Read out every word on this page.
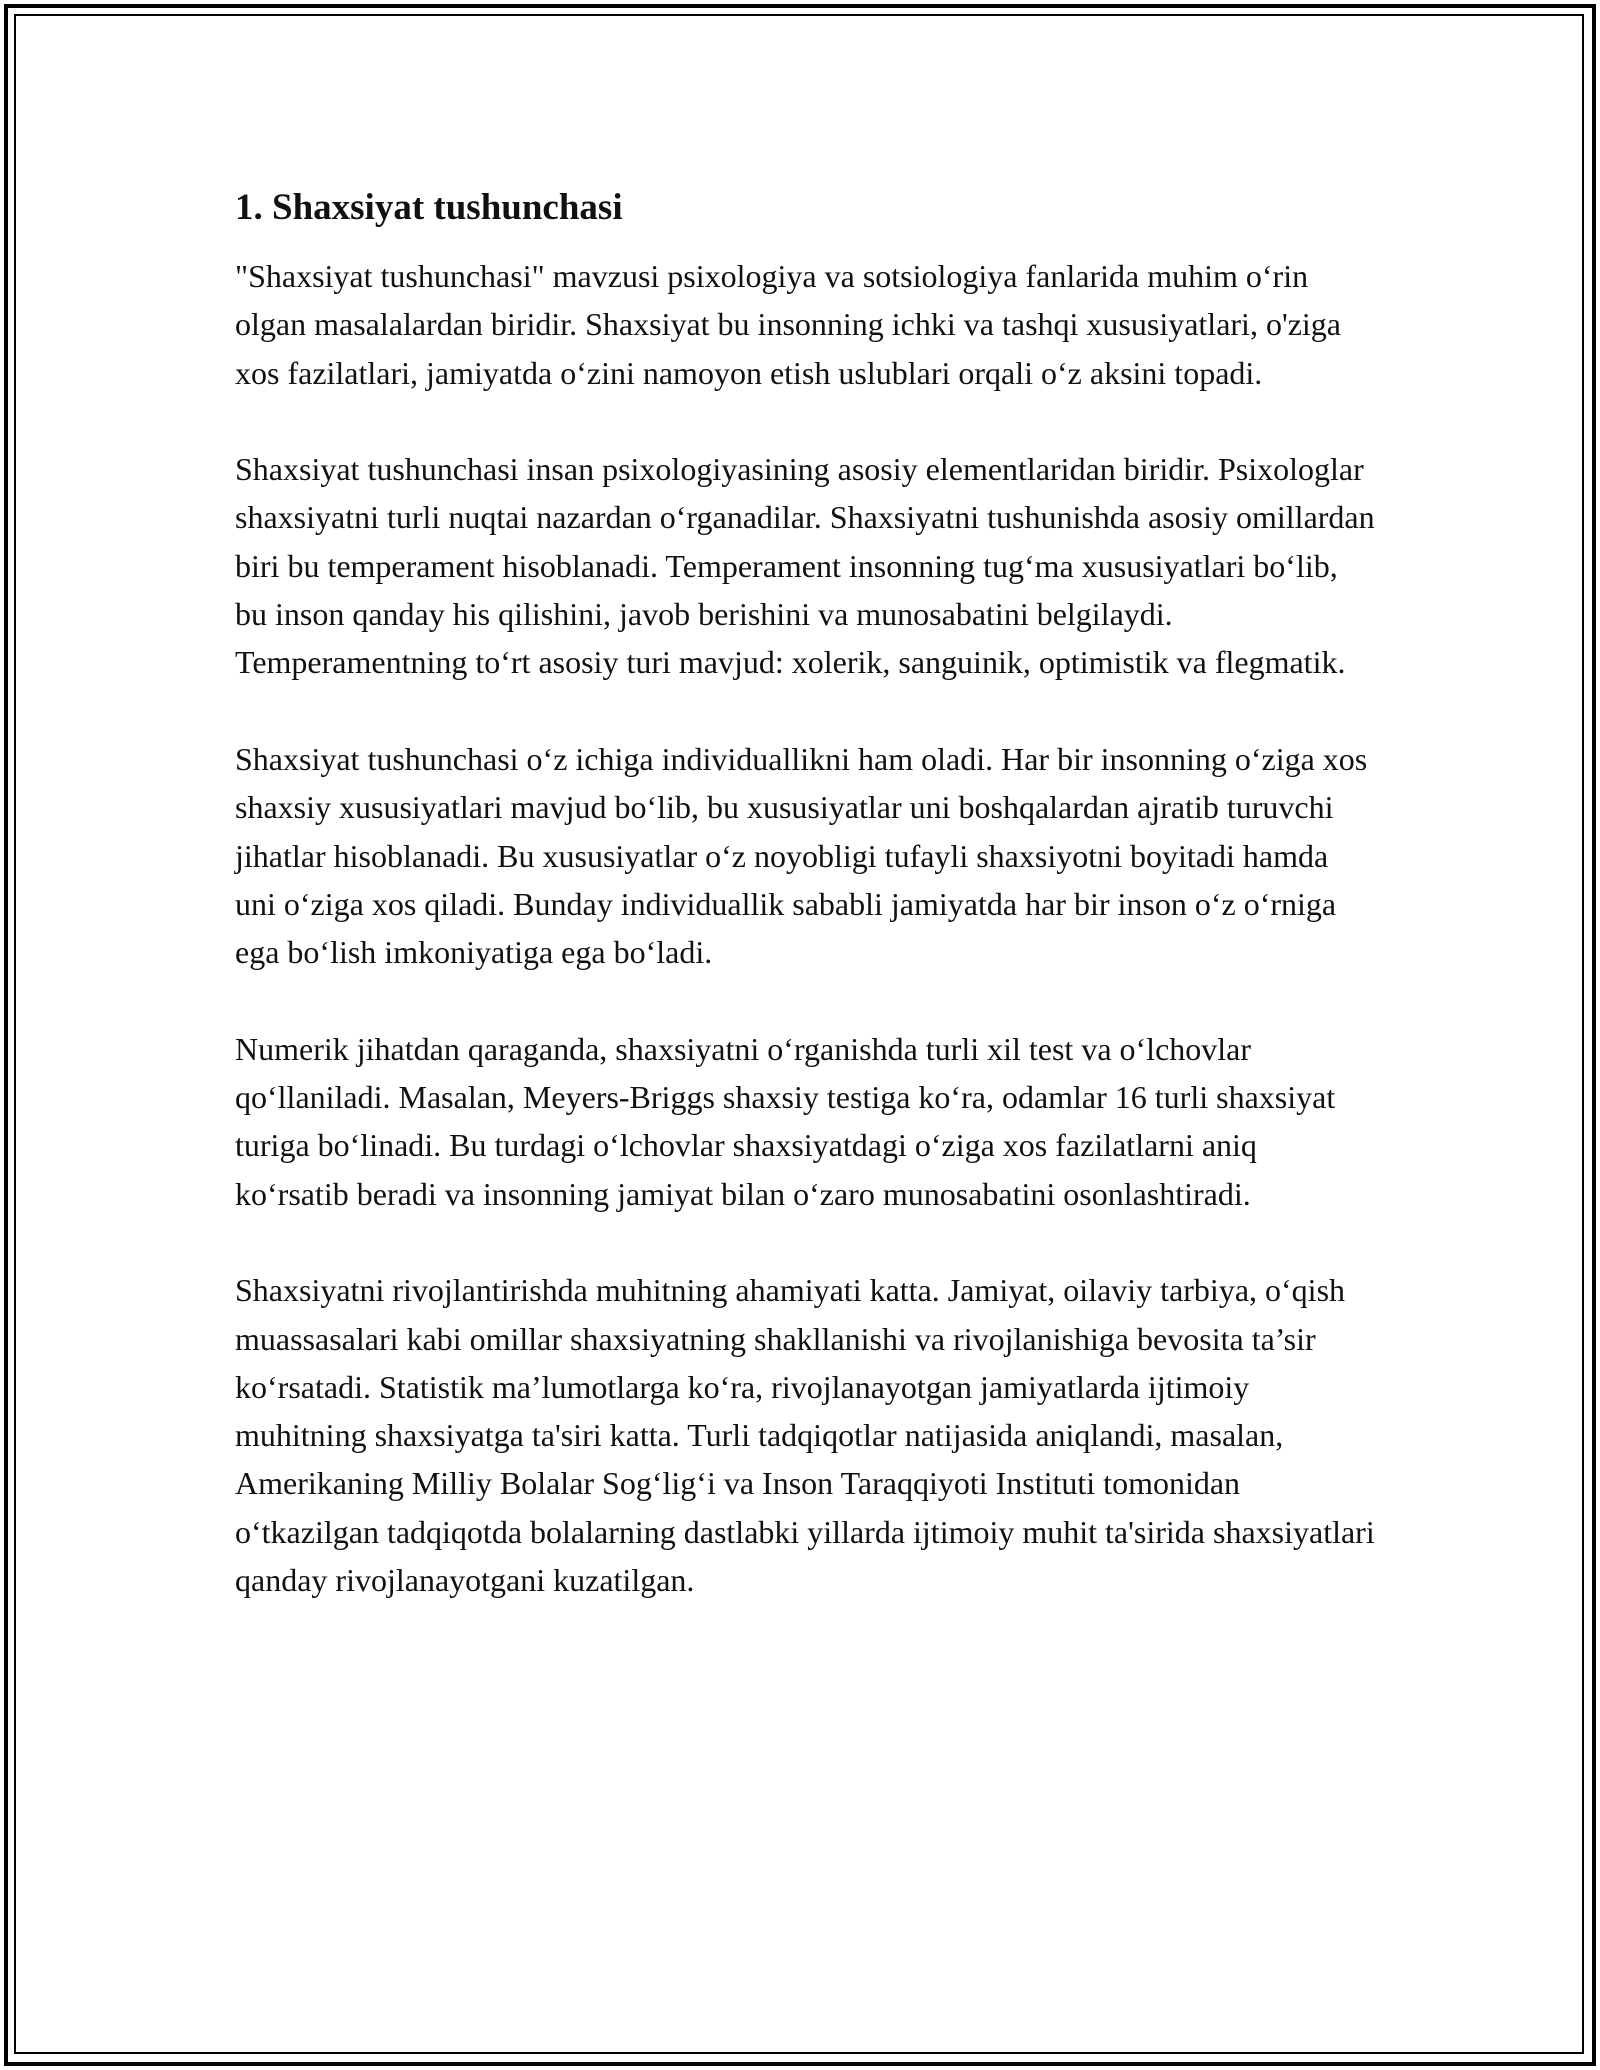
1. Shaxsiyat tushunchasi

"Shaxsiyat tushunchasi" mavzusi psixologiya va sotsiologiya fanlarida muhim o‘rin olgan masalalardan biridir. Shaxsiyat bu insonning ichki va tashqi xususiyatlari, o'ziga xos fazilatlari, jamiyatda o‘zini namoyon etish uslublari orqali o‘z aksini topadi.

Shaxsiyat tushunchasi insan psixologiyasining asosiy elementlaridan biridir. Psixologlar shaxsiyatni turli nuqtai nazardan o‘rganadilar. Shaxsiyatni tushunishda asosiy omillardan biri bu temperament hisoblanadi. Temperament insonning tug‘ma xususiyatlari bo‘lib, bu inson qanday his qilishini, javob berishini va munosabatini belgilaydi. Temperamentning to‘rt asosiy turi mavjud: xolerik, sanguinik, optimistik va flegmatik.

Shaxsiyat tushunchasi o‘z ichiga individuallikni ham oladi. Har bir insonning o‘ziga xos shaxsiy xususiyatlari mavjud bo‘lib, bu xususiyatlar uni boshqalardan ajratib turuvchi jihatlar hisoblanadi. Bu xususiyatlar o‘z noyobligi tufayli shaxsiyotni boyitadi hamda uni o‘ziga xos qiladi. Bunday individuallik sababli jamiyatda har bir inson o‘z o‘rniga ega bo‘lish imkoniyatiga ega bo‘ladi.

Numerik jihatdan qaraganda, shaxsiyatni o‘rganishda turli xil test va o‘lchovlar qo‘llaniladi. Masalan, Meyers-Briggs shaxsiy testiga ko‘ra, odamlar 16 turli shaxsiyat turiga bo‘linadi. Bu turdagi o‘lchovlar shaxsiyatdagi o‘ziga xos fazilatlarni aniq ko‘rsatib beradi va insonning jamiyat bilan o‘zaro munosabatini osonlashtiradi.

Shaxsiyatni rivojlantirishda muhitning ahamiyati katta. Jamiyat, oilaviy tarbiya, o‘qish muassasalari kabi omillar shaxsiyatning shakllanishi va rivojlanishiga bevosita ta’sir ko‘rsatadi. Statistik ma’lumotlarga ko‘ra, rivojlanayotgan jamiyatlarda ijtimoiy muhitning shaxsiyatga ta'siri katta. Turli tadqiqotlar natijasida aniqlandi, masalan, Amerikaning Milliy Bolalar Sog‘lig‘i va Inson Taraqqiyoti Instituti tomonidan o‘tkazilgan tadqiqotda bolalarning dastlabki yillarda ijtimoiy muhit ta'sirida shaxsiyatlari qanday rivojlanayotgani kuzatilgan.
